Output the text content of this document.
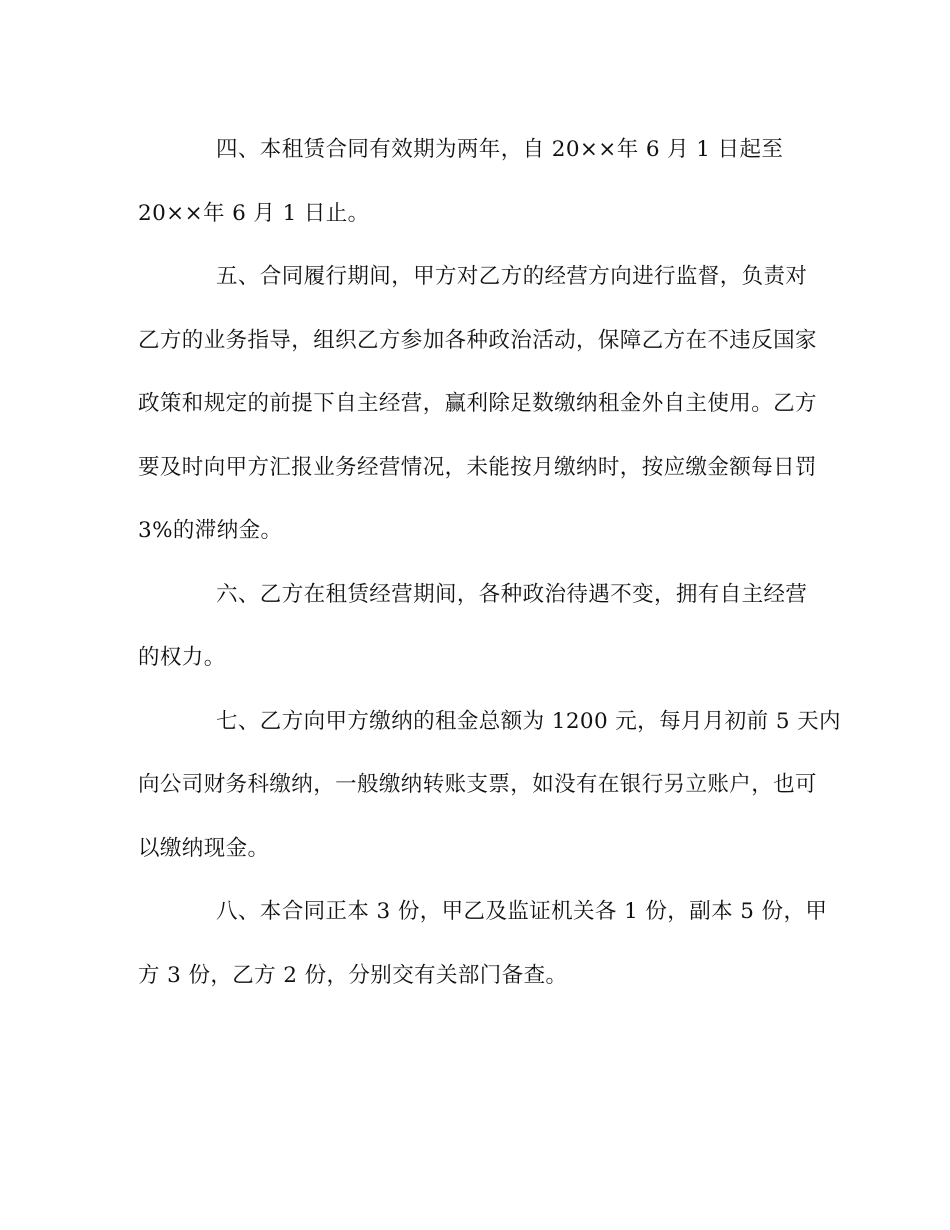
四、本租赁合同有效期为两年，自 20××年 6 月 1 日起至
20××年 6 月 1 日止。
五、合同履行期间，甲方对乙方的经营方向进行监督，负责对
乙方的业务指导，组织乙方参加各种政治活动，保障乙方在不违反国家
政策和规定的前提下自主经营，赢利除足数缴纳租金外自主使用。乙方
要及时向甲方汇报业务经营情况，未能按月缴纳时，按应缴金额每日罚
3%的滞纳金。
六、乙方在租赁经营期间，各种政治待遇不变，拥有自主经营
的权力。
七、乙方向甲方缴纳的租金总额为 1200 元，每月月初前 5 天内
向公司财务科缴纳，一般缴纳转账支票，如没有在银行另立账户，也可
以缴纳现金。
八、本合同正本 3 份，甲乙及监证机关各 1 份，副本 5 份，甲
方 3 份，乙方 2 份，分别交有关部门备查。
